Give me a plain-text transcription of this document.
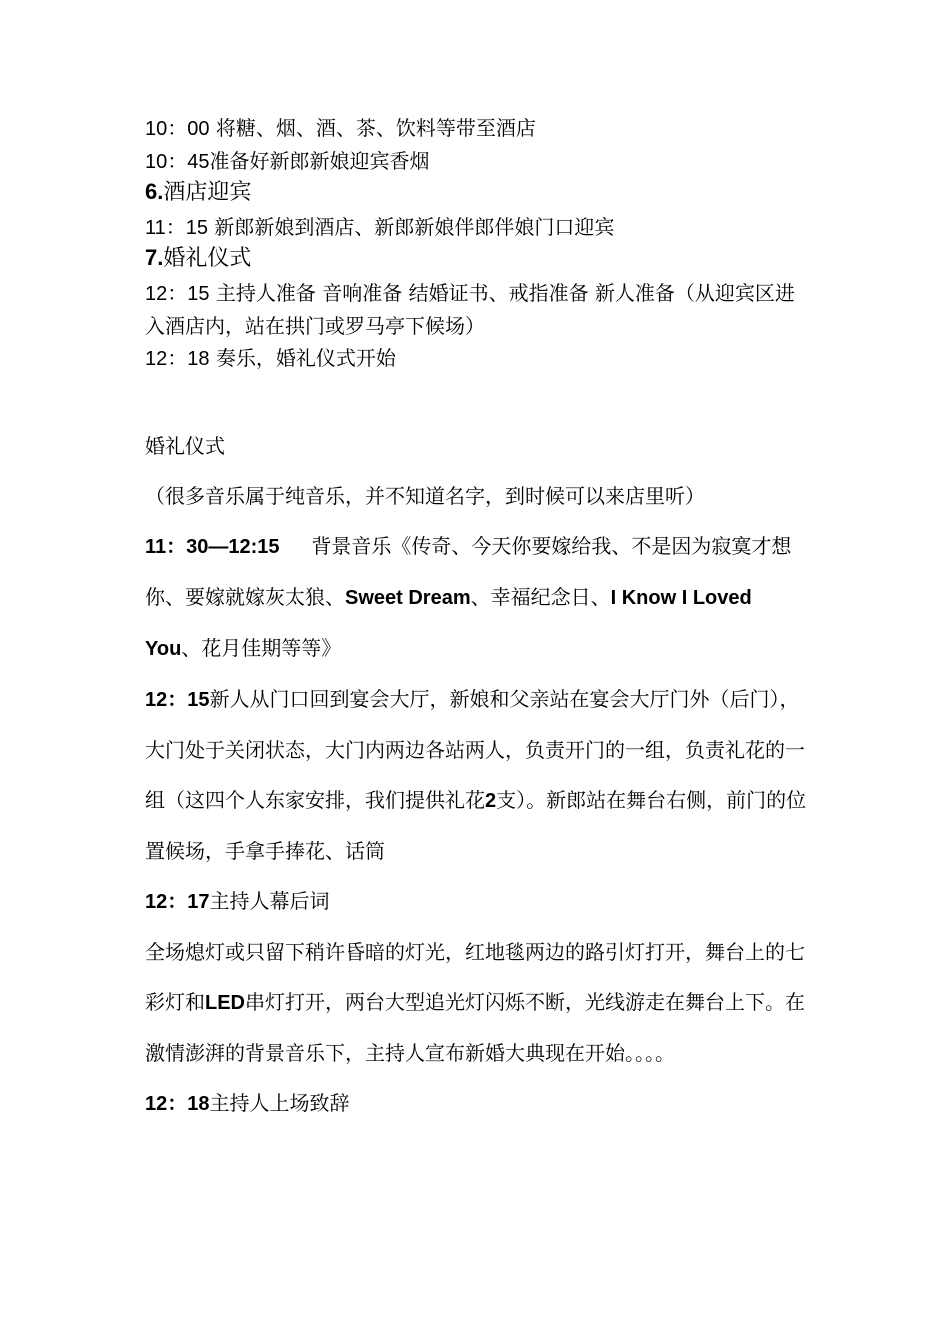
10：00 将糖、烟、酒、茶、饮料等带至酒店
10：45准备好新郎新娘迎宾香烟
6.酒店迎宾
11：15 新郎新娘到酒店、新郎新娘伴郎伴娘门口迎宾
7.婚礼仪式
12：15 主持人准备 音响准备 结婚证书、戒指准备 新人准备（从迎宾区进入酒店内，站在拱门或罗马亭下候场）
12：18 奏乐，婚礼仪式开始
婚礼仪式
（很多音乐属于纯音乐，并不知道名字，到时候可以来店里听）
11：30—12:15 背景音乐《传奇、今天你要嫁给我、不是因为寂寞才想你、要嫁就嫁灰太狼、Sweet Dream、幸福纪念日、I Know I Loved You、花月佳期等等》
12：15新人从门口回到宴会大厅，新娘和父亲站在宴会大厅门外（后门），大门处于关闭状态，大门内两边各站两人，负责开门的一组，负责礼花的一组（这四个人东家安排，我们提供礼花2支）。新郎站在舞台右侧，前门的位置候场，手拿手捧花、话筒
12：17主持人幕后词
全场熄灯或只留下稍许昏暗的灯光，红地毯两边的路引灯打开，舞台上的七彩灯和LED串灯打开，两台大型追光灯闪烁不断，光线游走在舞台上下。在激情澎湃的背景音乐下，主持人宣布新婚大典现在开始。。。。
12：18主持人上场致辞
